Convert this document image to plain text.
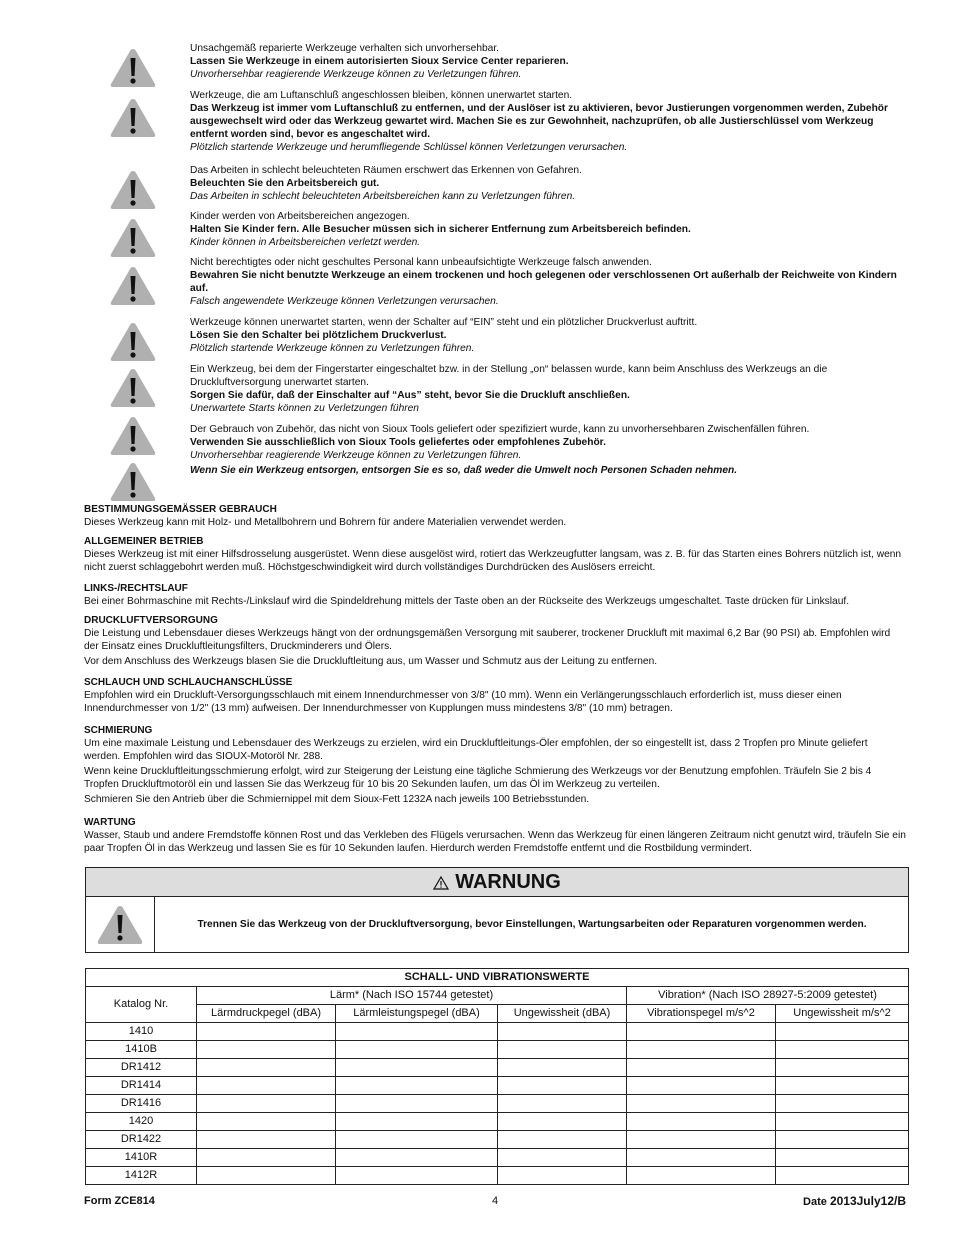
Unsachgemäß reparierte Werkzeuge verhalten sich unvorhersehbar.

Lassen Sie Werkzeuge in einem autorisierten Sioux Service Center reparieren.

Unvorhersehbar reagierende Werkzeuge können zu Verletzungen führen.

Werkzeuge, die am Luftanschluß angeschlossen bleiben, können unerwartet starten.

Das Werkzeug ist immer vom Luftanschluß zu entfernen, und der Auslöser ist zu aktivieren, bevor Justierungen vorgenommen werden, Zubehör ausgewechselt wird oder das Werkzeug gewartet wird. Machen Sie es zur Gewohnheit, nachzuprüfen, ob alle Justierschlüssel vom Werkzeug entfernt worden sind, bevor es angeschaltet wird.

Plötzlich startende Werkzeuge und herumfliegende Schlüssel können Verletzungen verursachen.

Das Arbeiten in schlecht beleuchteten Räumen erschwert das Erkennen von Gefahren.

Beleuchten Sie den Arbeitsbereich gut.

Das Arbeiten in schlecht beleuchteten Arbeitsbereichen kann zu Verletzungen führen.

Kinder werden von Arbeitsbereichen angezogen.

Halten Sie Kinder fern. Alle Besucher müssen sich in sicherer Entfernung zum Arbeitsbereich befinden.

Kinder können in Arbeitsbereichen verletzt werden.

Nicht berechtigtes oder nicht geschultes Personal kann unbeaufsichtigte Werkzeuge falsch anwenden.

Bewahren Sie nicht benutzte Werkzeuge an einem trockenen und hoch gelegenen oder verschlossenen Ort außerhalb der Reichweite von Kindern auf.

Falsch angewendete Werkzeuge können Verletzungen verursachen.

Werkzeuge können unerwartet starten, wenn der Schalter auf “EIN” steht und ein plötzlicher Druckverlust auftritt.

Lösen Sie den Schalter bei plötzlichem Druckverlust.

Plötzlich startende Werkzeuge können zu Verletzungen führen.

Ein Werkzeug, bei dem der Fingerstarter eingeschaltet bzw. in der Stellung „on“ belassen wurde, kann beim Anschluss des Werkzeugs an die Druckluftversorgung unerwartet starten.

Sorgen Sie dafür, daß der Einschalter auf “Aus” steht, bevor Sie die Druckluft anschließen.

Unerwartete Starts können zu Verletzungen führen

Der Gebrauch von Zubehör, das nicht von Sioux Tools geliefert oder spezifiziert wurde, kann zu unvorhersehbaren Zwischenfällen führen.

Verwenden Sie ausschließlich von Sioux Tools geliefertes oder empfohlenes Zubehör.

Unvorhersehbar reagierende Werkzeuge können zu Verletzungen führen.

Wenn Sie ein Werkzeug entsorgen, entsorgen Sie es so, daß weder die Umwelt noch Personen Schaden nehmen.

BESTIMMUNGSGEMÄSSER GEBRAUCH

Dieses Werkzeug kann mit Holz- und Metallbohrern und Bohrern für andere Materialien verwendet werden.

ALLGEMEINER BETRIEB

Dieses Werkzeug ist mit einer Hilfsdrosselung ausgerüstet. Wenn diese ausgelöst wird, rotiert das Werkzeugfutter langsam, was z. B. für das Starten eines Bohrers nützlich ist, wenn nicht zuerst schlaggebohrt werden muß. Höchstgeschwindigkeit wird durch vollständiges Durchdrücken des Auslösers erreicht.

LINKS-/RECHTSLAUF

Bei einer Bohrmaschine mit Rechts-/Linkslauf wird die Spindeldrehung mittels der Taste oben an der Rückseite des Werkzeugs umgeschaltet. Taste drücken für Linkslauf.

DRUCKLUFTVERSORGUNG

Die Leistung und Lebensdauer dieses Werkzeugs hängt von der ordnungsgemäßen Versorgung mit sauberer, trockener Druckluft mit maximal 6,2 Bar (90 PSI) ab. Empfohlen wird der Einsatz eines Druckluftleitungsfilters, Druckminderers und Ölers.

Vor dem Anschluss des Werkzeugs blasen Sie die Druckluftleitung aus, um Wasser und Schmutz aus der Leitung zu entfernen.

SCHLAUCH UND SCHLAUCHANSCHLÜSSE

Empfohlen wird ein Druckluft-Versorgungsschlauch mit einem Innendurchmesser von 3/8" (10 mm). Wenn ein Verlängerungsschlauch erforderlich ist, muss dieser einen Innendurchmesser von 1/2" (13 mm) aufweisen. Der Innendurchmesser von Kupplungen muss mindestens 3/8" (10 mm) betragen.

SCHMIERUNG

Um eine maximale Leistung und Lebensdauer des Werkzeugs zu erzielen, wird ein Druckluftleitungs-Öler empfohlen, der so eingestellt ist, dass 2 Tropfen pro Minute geliefert werden. Empfohlen wird das SIOUX-Motoröl Nr. 288.

Wenn keine Druckluftleitungsschmierung erfolgt, wird zur Steigerung der Leistung eine tägliche Schmierung des Werkzeugs vor der Benutzung empfohlen. Träufeln Sie 2 bis 4 Tropfen Druckluftmotoröl ein und lassen Sie das Werkzeug für 10 bis 20 Sekunden laufen, um das Öl im Werkzeug zu verteilen.

Schmieren Sie den Antrieb über die Schmiernippel mit dem Sioux-Fett 1232A nach jeweils 100 Betriebsstunden.

WARTUNG

Wasser, Staub und andere Fremdstoffe können Rost und das Verkleben des Flügels verursachen. Wenn das Werkzeug für einen längeren Zeitraum nicht genutzt wird, träufeln Sie ein paar Tropfen Öl in das Werkzeug und lassen Sie es für 10 Sekunden laufen. Hierdurch werden Fremdstoffe entfernt und die Rostbildung vermindert.

WARNUNG
Trennen Sie das Werkzeug von der Druckluftversorgung, bevor Einstellungen, Wartungsarbeiten oder Reparaturen vorgenommen werden.
SCHALL- UND VIBRATIONSWERTE					
Katalog Nr.	Lärm* (Nach ISO 15744 getestet)			Vibration* (Nach ISO 28927-5:2009 getestet)	
	Lärmdruckpegel (dBA)	Lärmleistungspegel (dBA)	Ungewissheit (dBA)	Vibrationspegel m/s^2	Ungewissheit m/s^2
1410					
1410B					
DR1412					
DR1414					
DR1416					
1420					
DR1422					
1410R					
1412R					
Form ZCE814	4	Date 2013July12/B
